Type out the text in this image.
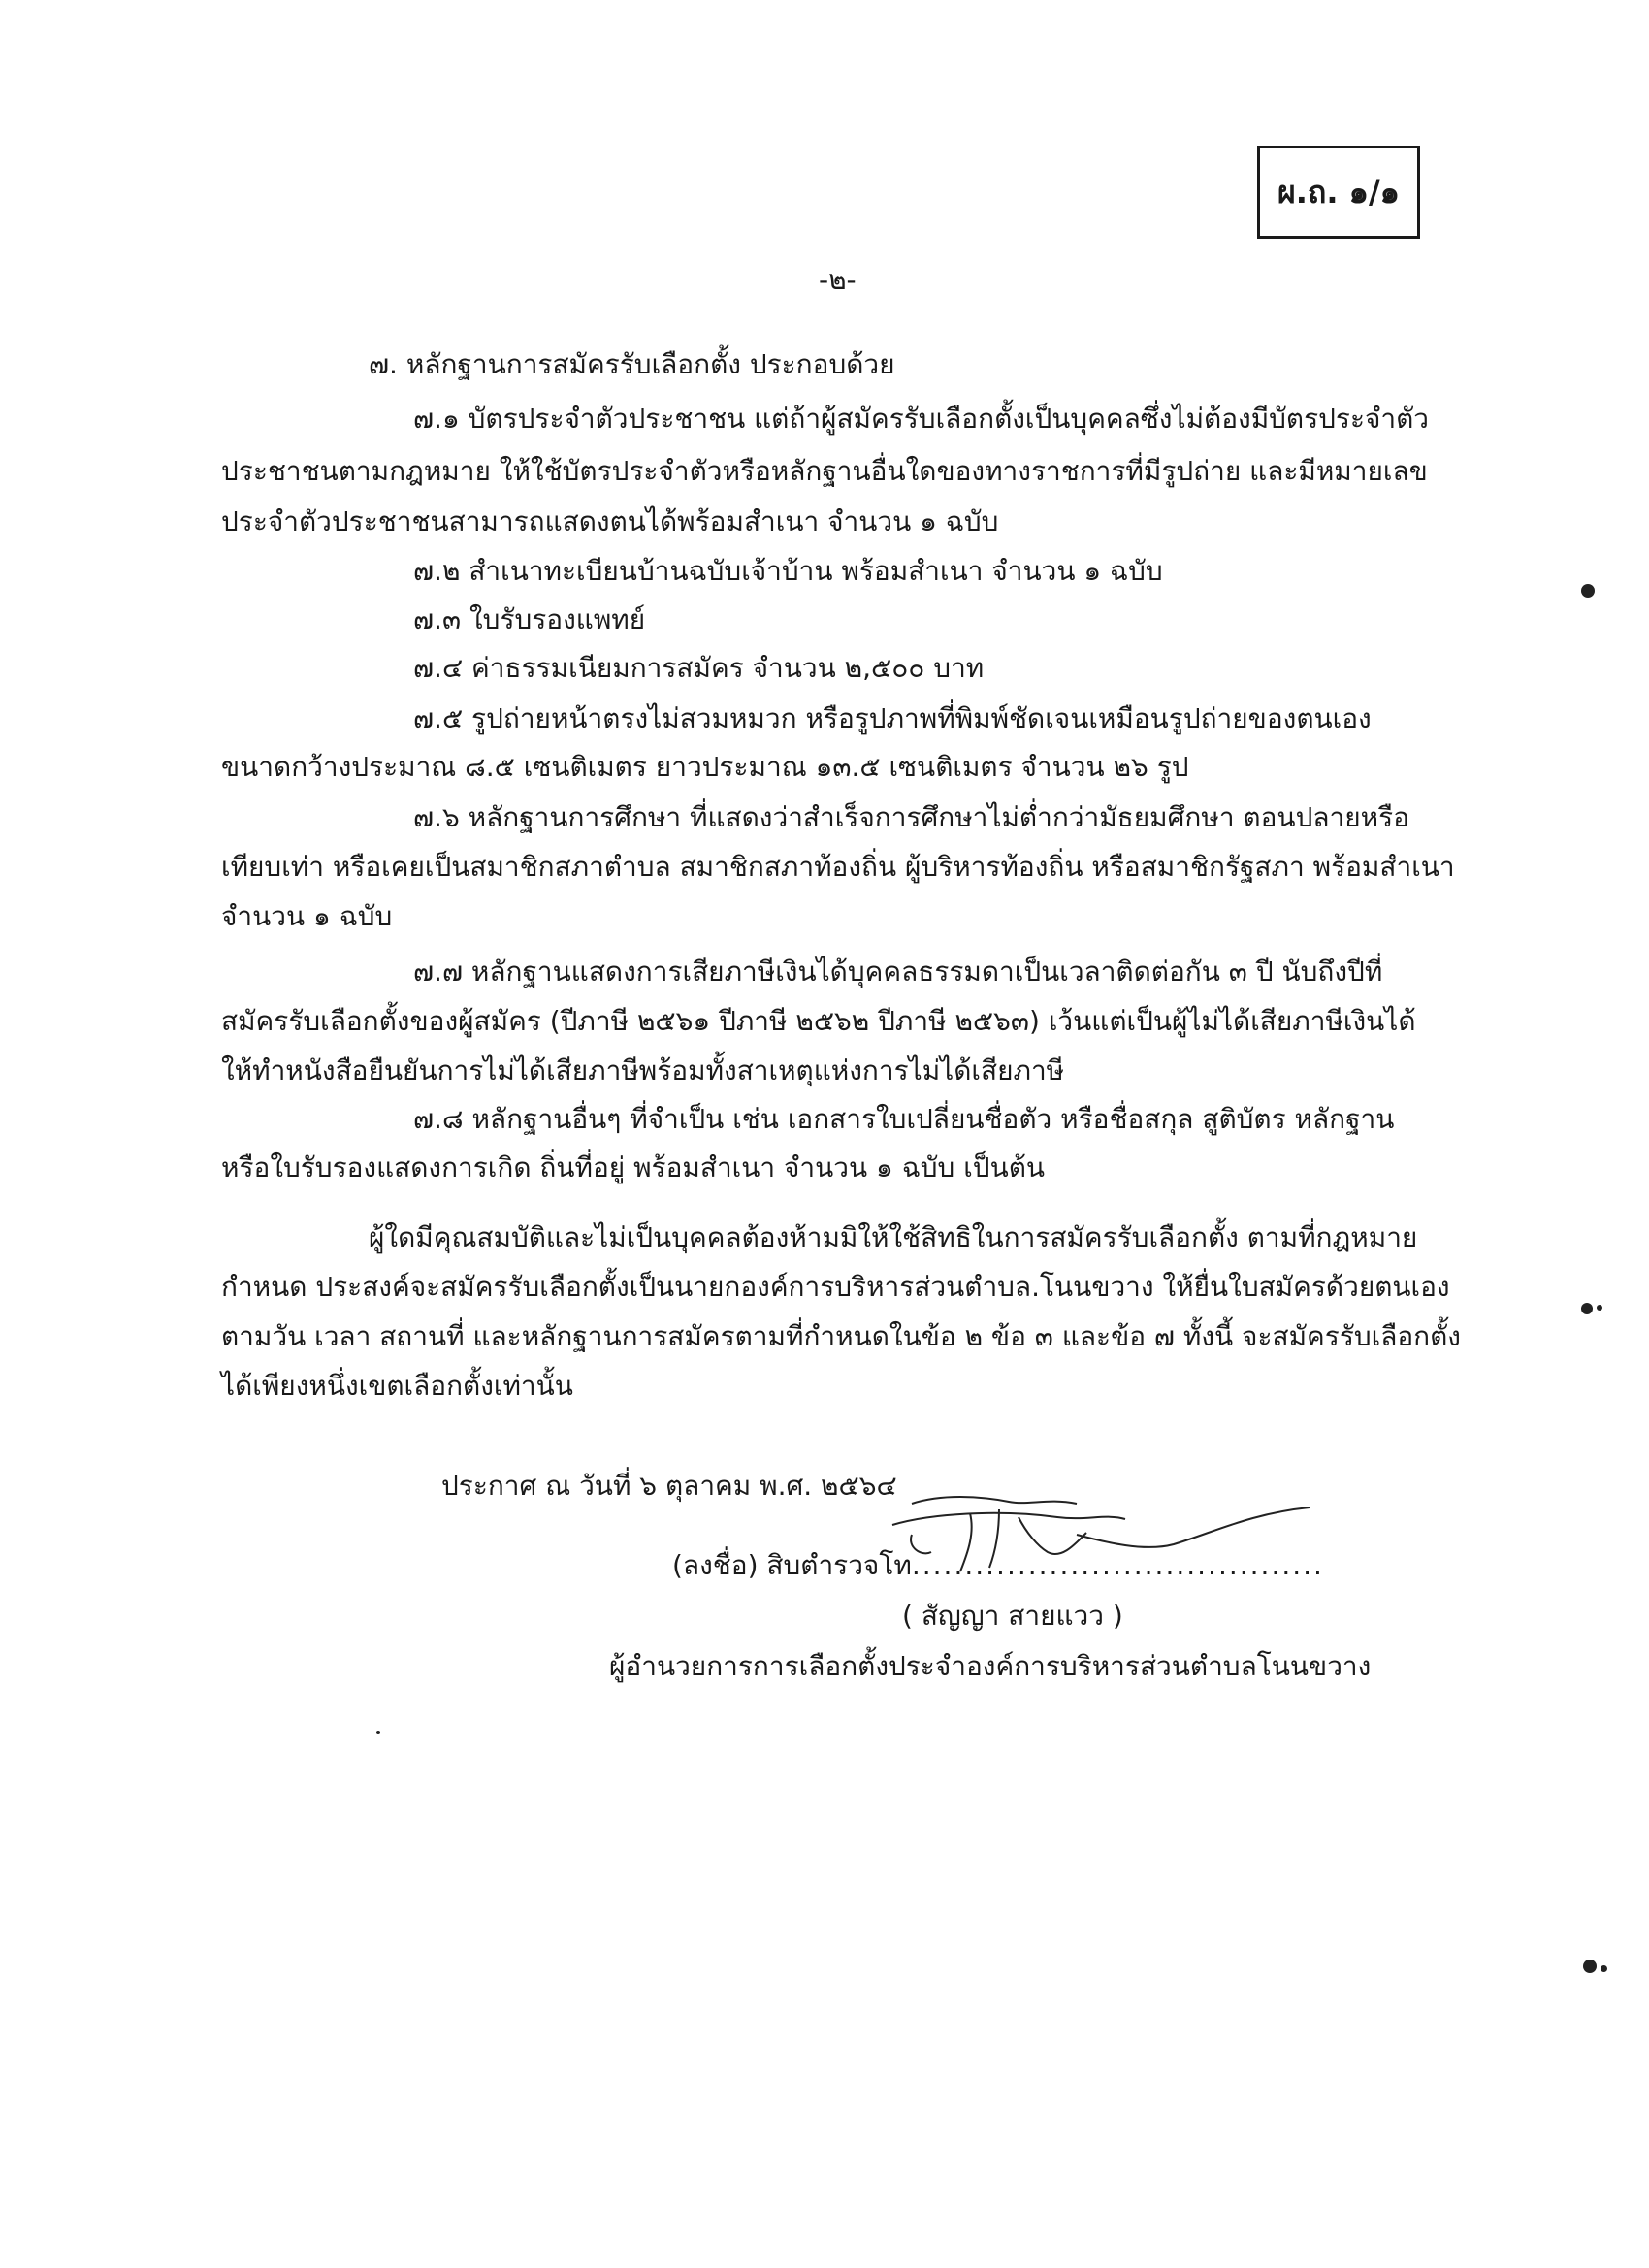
ผ.ถ. ๑/๑
-๒-
๗. หลักฐานการสมัครรับเลือกตั้ง ประกอบด้วย
๗.๑ บัตรประจำตัวประชาชน แต่ถ้าผู้สมัครรับเลือกตั้งเป็นบุคคลซึ่งไม่ต้องมีบัตรประจำตัว
ประชาชนตามกฎหมาย ให้ใช้บัตรประจำตัวหรือหลักฐานอื่นใดของทางราชการที่มีรูปถ่าย และมีหมายเลข
ประจำตัวประชาชนสามารถแสดงตนได้พร้อมสำเนา จำนวน ๑ ฉบับ
๗.๒ สำเนาทะเบียนบ้านฉบับเจ้าบ้าน พร้อมสำเนา จำนวน ๑ ฉบับ
๗.๓ ใบรับรองแพทย์
๗.๔ ค่าธรรมเนียมการสมัคร จำนวน ๒,๕๐๐ บาท
๗.๕ รูปถ่ายหน้าตรงไม่สวมหมวก หรือรูปภาพที่พิมพ์ชัดเจนเหมือนรูปถ่ายของตนเอง
ขนาดกว้างประมาณ ๘.๕ เซนติเมตร ยาวประมาณ ๑๓.๕ เซนติเมตร จำนวน ๒๖ รูป
๗.๖ หลักฐานการศึกษา ที่แสดงว่าสำเร็จการศึกษาไม่ต่ำกว่ามัธยมศึกษา ตอนปลายหรือ
เทียบเท่า หรือเคยเป็นสมาชิกสภาตำบล สมาชิกสภาท้องถิ่น ผู้บริหารท้องถิ่น หรือสมาชิกรัฐสภา พร้อมสำเนา
จำนวน ๑ ฉบับ
๗.๗ หลักฐานแสดงการเสียภาษีเงินได้บุคคลธรรมดาเป็นเวลาติดต่อกัน ๓ ปี นับถึงปีที่
สมัครรับเลือกตั้งของผู้สมัคร (ปีภาษี ๒๕๖๑ ปีภาษี ๒๕๖๒ ปีภาษี ๒๕๖๓) เว้นแต่เป็นผู้ไม่ได้เสียภาษีเงินได้
ให้ทำหนังสือยืนยันการไม่ได้เสียภาษีพร้อมทั้งสาเหตุแห่งการไม่ได้เสียภาษี
๗.๘ หลักฐานอื่นๆ ที่จำเป็น เช่น เอกสารใบเปลี่ยนชื่อตัว หรือชื่อสกุล สูติบัตร หลักฐาน
หรือใบรับรองแสดงการเกิด ถิ่นที่อยู่ พร้อมสำเนา จำนวน ๑ ฉบับ เป็นต้น
ผู้ใดมีคุณสมบัติและไม่เป็นบุคคลต้องห้ามมิให้ใช้สิทธิในการสมัครรับเลือกตั้ง ตามที่กฎหมาย
กำหนด ประสงค์จะสมัครรับเลือกตั้งเป็นนายกองค์การบริหารส่วนตำบล.โนนขวาง ให้ยื่นใบสมัครด้วยตนเอง
ตามวัน เวลา สถานที่ และหลักฐานการสมัครตามที่กำหนดในข้อ ๒ ข้อ ๓ และข้อ ๗ ทั้งนี้ จะสมัครรับเลือกตั้ง
ได้เพียงหนึ่งเขตเลือกตั้งเท่านั้น
ประกาศ ณ วันที่ ๖ ตุลาคม พ.ศ. ๒๕๖๔
(ลงชื่อ) สิบตำรวจโท.......................................
( สัญญา สายแวว )
ผู้อำนวยการการเลือกตั้งประจำองค์การบริหารส่วนตำบลโนนขวาง
